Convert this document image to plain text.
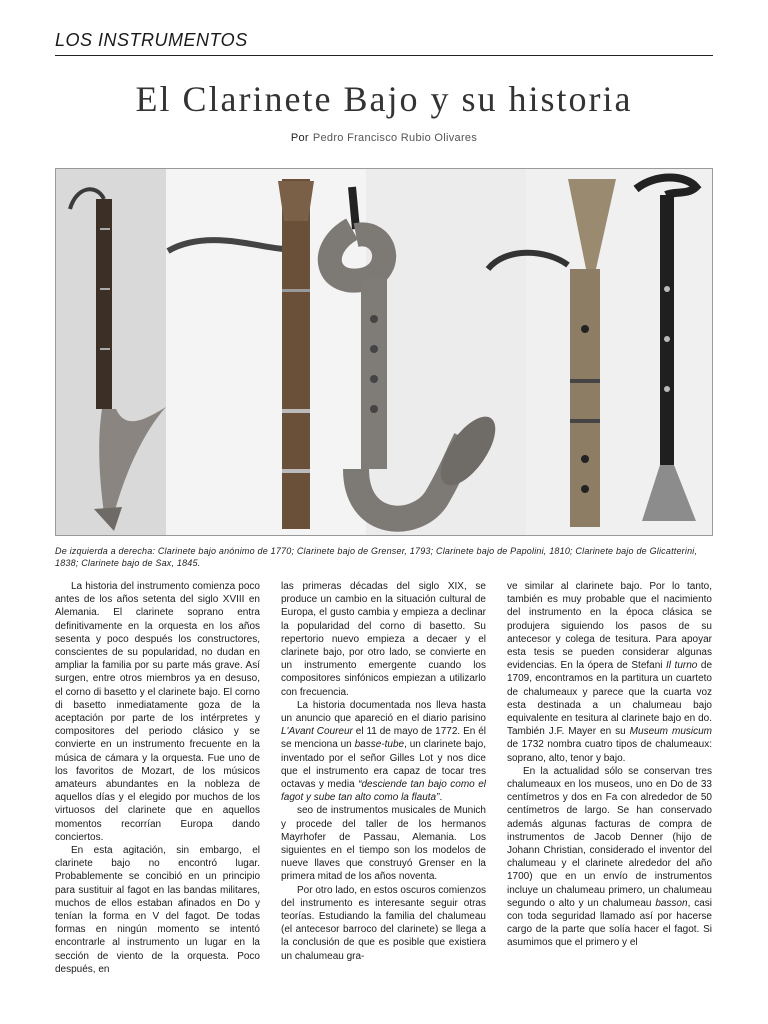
LOS INSTRUMENTOS
El Clarinete Bajo y su historia
Por Pedro Francisco Rubio Olivares
De izquierda a derecha: Clarinete bajo anónimo de 1770; Clarinete bajo de Grenser, 1793; Clarinete bajo de Papolini, 1810; Clarinete bajo de Glicatterini, 1838; Clarinete bajo de Sax, 1845.

La historia del instrumento comienza poco antes de los años setenta del siglo XVIII en Alemania. El clarinete soprano entra definitivamente en la orquesta en los años sesenta y poco después los constructores, conscientes de su popularidad, no dudan en ampliar la familia por su parte más grave. Así surgen, entre otros miembros ya en desuso, el corno di basetto y el clarinete bajo. El corno di basetto inmediatamente goza de la aceptación por parte de los intérpretes y compositores del periodo clásico y se convierte en un instrumento frecuente en la música de cámara y la orquesta. Fue uno de los favoritos de Mozart, de los músicos amateurs abundantes en la nobleza de aquellos días y el elegido por muchos de los virtuosos del clarinete que en aquellos momentos recorrían Europa dando conciertos.

En esta agitación, sin embargo, el clarinete bajo no encontró lugar. Probablemente se concibió en un principio para sustituir al fagot en las bandas militares, muchos de ellos estaban afinados en Do y tenían la forma en V del fagot. De todas formas en ningún momento se intentó encontrarle al instrumento un lugar en la sección de viento de la orquesta. Poco después, en

las primeras décadas del siglo XIX, se produce un cambio en la situación cultural de Europa, el gusto cambia y empieza a declinar la popularidad del corno di basetto. Su repertorio nuevo empieza a decaer y el clarinete bajo, por otro lado, se convierte en un instrumento emergente cuando los compositores sinfónicos empiezan a utilizarlo con frecuencia.

La historia documentada nos lleva hasta un anuncio que apareció en el diario parisino L'Avant Coureur el 11 de mayo de 1772. En él se menciona un basse-tube, un clarinete bajo, inventado por el señor Gilles Lot y nos dice que el instrumento era capaz de tocar tres octavas y media “desciende tan bajo como el fagot y sube tan alto como la flauta”.

seo de instrumentos musicales de Munich y procede del taller de los hermanos Mayrhofer de Passau, Alemania. Los siguientes en el tiempo son los modelos de nueve llaves que construyó Grenser en la primera mitad de los años noventa.

Por otro lado, en estos oscuros comienzos del instrumento es interesante seguir otras teorías. Estudiando la familia del chalumeau (el antecesor barroco del clarinete) se llega a la conclusión de que es posible que existiera un chalumeau gra-

ve similar al clarinete bajo. Por lo tanto, también es muy probable que el nacimiento del instrumento en la época clásica se produjera siguiendo los pasos de su antecesor y colega de tesitura. Para apoyar esta tesis se pueden considerar algunas evidencias. En la ópera de Stefani Il turno de 1709, encontramos en la partitura un cuarteto de chalumeaux y parece que la cuarta voz esta destinada a un chalumeau bajo equivalente en tesitura al clarinete bajo en do. También J.F. Mayer en su Museum musicum de 1732 nombra cuatro tipos de chalumeaux: soprano, alto, tenor y bajo.

En la actualidad sólo se conservan tres chalumeaux en los museos, uno en Do de 33 centímetros y dos en Fa con alrededor de 50 centímetros de largo. Se han conservado además algunas facturas de compra de instrumentos de Jacob Denner (hijo de Johann Christian, considerado el inventor del chalumeau y el clarinete alrededor del año 1700) que en un envío de instrumentos incluye un chalumeau primero, un chalumeau segundo o alto y un chalumeau basson, casi con toda seguridad llamado así por hacerse cargo de la parte que solía hacer el fagot. Si asumimos que el primero y el
